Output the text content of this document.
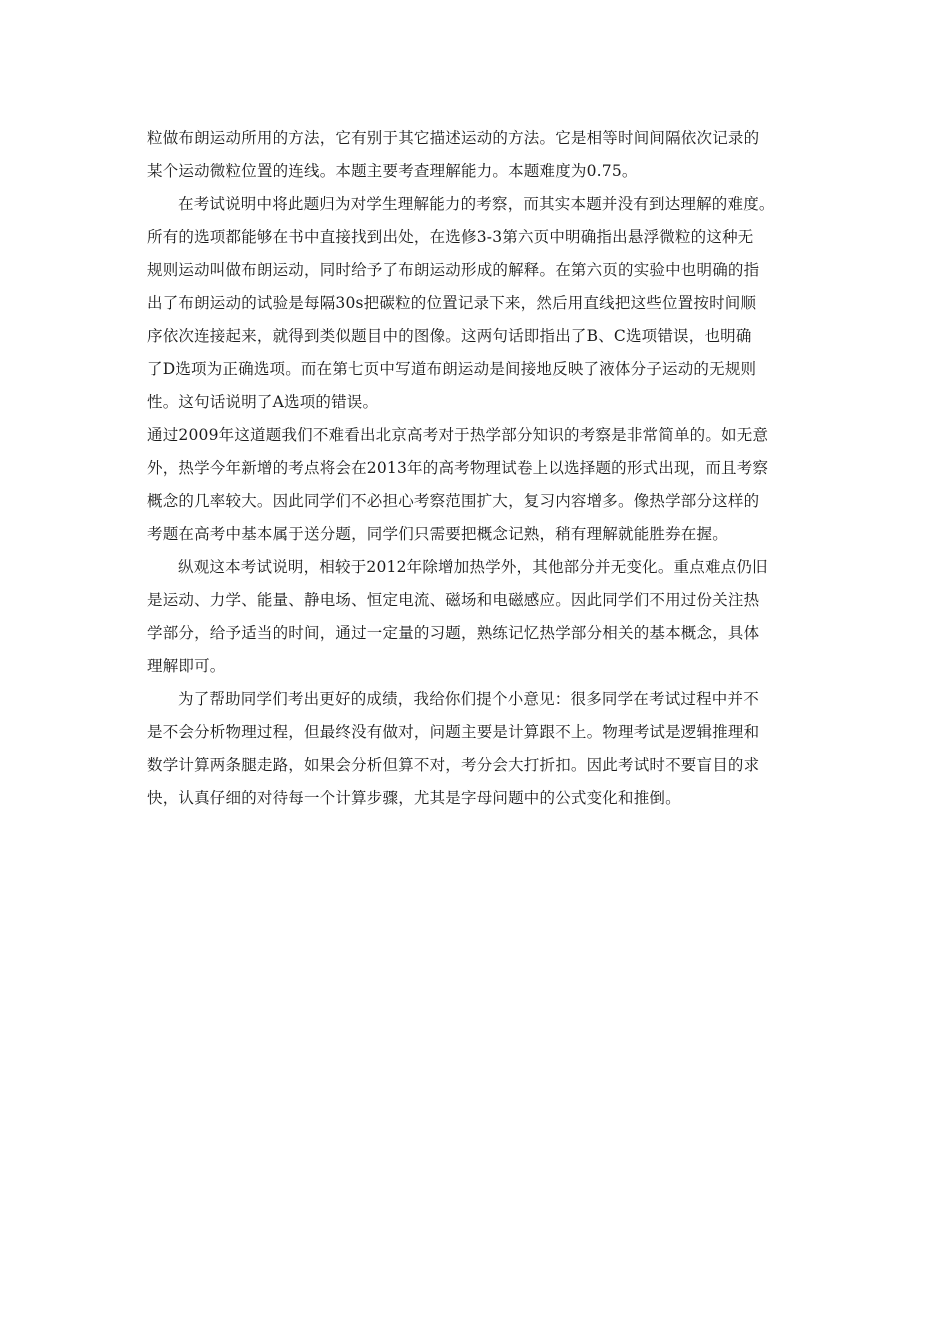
粒做布朗运动所用的方法，它有别于其它描述运动的方法。它是相等时间间隔依次记录的
某个运动微粒位置的连线。本题主要考查理解能力。本题难度为0.75。

在考试说明中将此题归为对学生理解能力的考察，而其实本题并没有到达理解的难度。
所有的选项都能够在书中直接找到出处，在选修3-3第六页中明确指出悬浮微粒的这种无
规则运动叫做布朗运动，同时给予了布朗运动形成的解释。在第六页的实验中也明确的指
出了布朗运动的试验是每隔30s把碳粒的位置记录下来，然后用直线把这些位置按时间顺
序依次连接起来，就得到类似题目中的图像。这两句话即指出了B、C选项错误，也明确
了D选项为正确选项。而在第七页中写道布朗运动是间接地反映了液体分子运动的无规则
性。这句话说明了A选项的错误。

通过2009年这道题我们不难看出北京高考对于热学部分知识的考察是非常简单的。如无意
外，热学今年新增的考点将会在2013年的高考物理试卷上以选择题的形式出现，而且考察
概念的几率较大。因此同学们不必担心考察范围扩大，复习内容增多。像热学部分这样的
考题在高考中基本属于送分题，同学们只需要把概念记熟，稍有理解就能胜券在握。

纵观这本考试说明，相较于2012年除增加热学外，其他部分并无变化。重点难点仍旧
是运动、力学、能量、静电场、恒定电流、磁场和电磁感应。因此同学们不用过份关注热
学部分，给予适当的时间，通过一定量的习题，熟练记忆热学部分相关的基本概念，具体
理解即可。

为了帮助同学们考出更好的成绩，我给你们提个小意见：很多同学在考试过程中并不
是不会分析物理过程，但最终没有做对，问题主要是计算跟不上。物理考试是逻辑推理和
数学计算两条腿走路，如果会分析但算不对，考分会大打折扣。因此考试时不要盲目的求
快，认真仔细的对待每一个计算步骤，尤其是字母问题中的公式变化和推倒。
